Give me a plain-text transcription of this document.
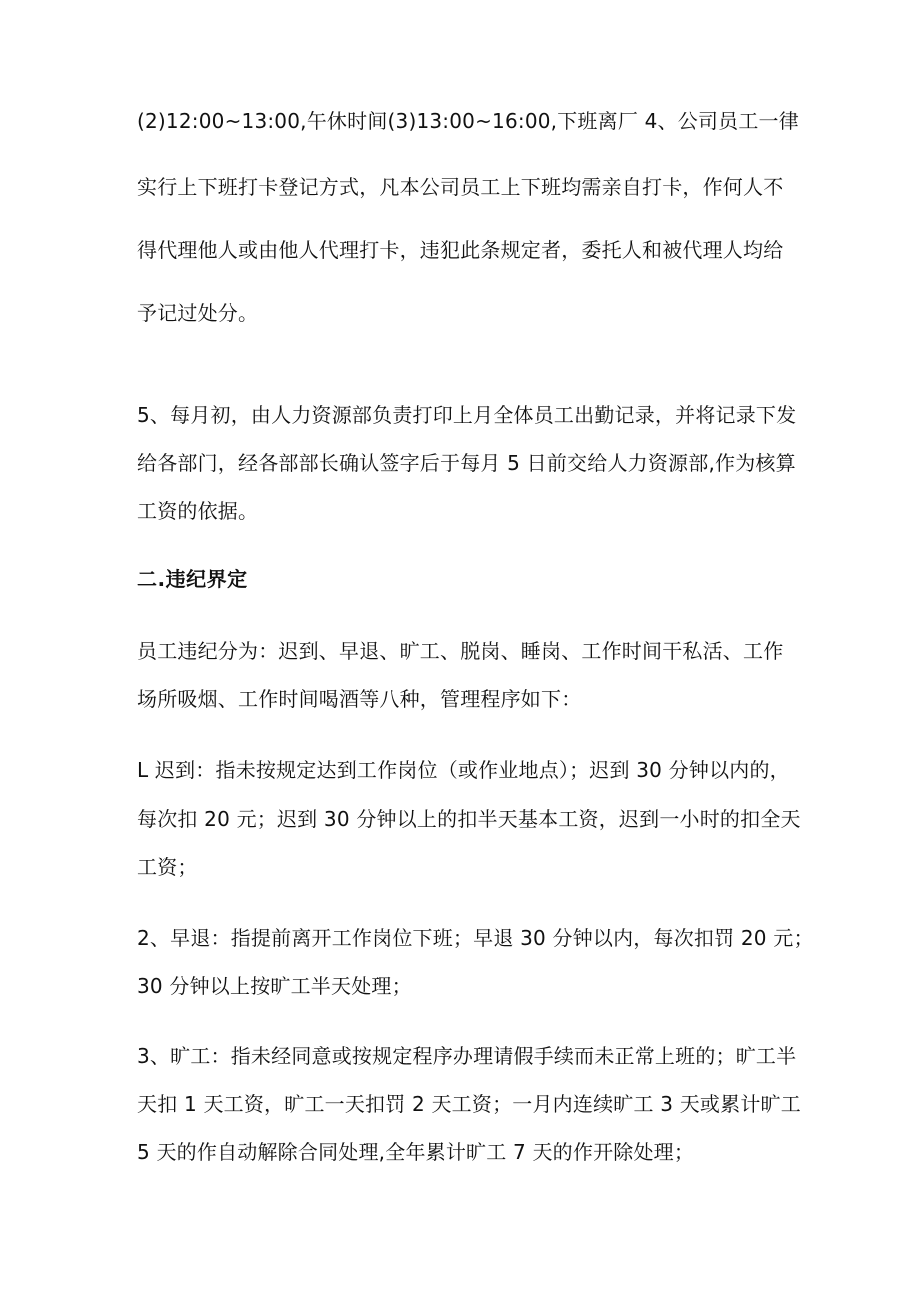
(2)12:00~13:00,午休时间(3)13:00~16:00,下班离厂 4、公司员工一律
实行上下班打卡登记方式，凡本公司员工上下班均需亲自打卡，作何人不
得代理他人或由他人代理打卡，违犯此条规定者，委托人和被代理人均给
予记过处分。
5、每月初，由人力资源部负责打印上月全体员工出勤记录，并将记录下发
给各部门，经各部部长确认签字后于每月 5 日前交给人力资源部,作为核算
工资的依据。
二.违纪界定
员工违纪分为：迟到、早退、旷工、脱岗、睡岗、工作时间干私活、工作
场所吸烟、工作时间喝酒等八种，管理程序如下：
L 迟到：指未按规定达到工作岗位（或作业地点）；迟到 30 分钟以内的，
每次扣 20 元；迟到 30 分钟以上的扣半天基本工资，迟到一小时的扣全天
工资；
2、早退：指提前离开工作岗位下班；早退 30 分钟以内，每次扣罚 20 元；
30 分钟以上按旷工半天处理；
3、旷工：指未经同意或按规定程序办理请假手续而未正常上班的；旷工半
天扣 1 天工资，旷工一天扣罚 2 天工资；一月内连续旷工 3 天或累计旷工
5 天的作自动解除合同处理,全年累计旷工 7 天的作开除处理；
